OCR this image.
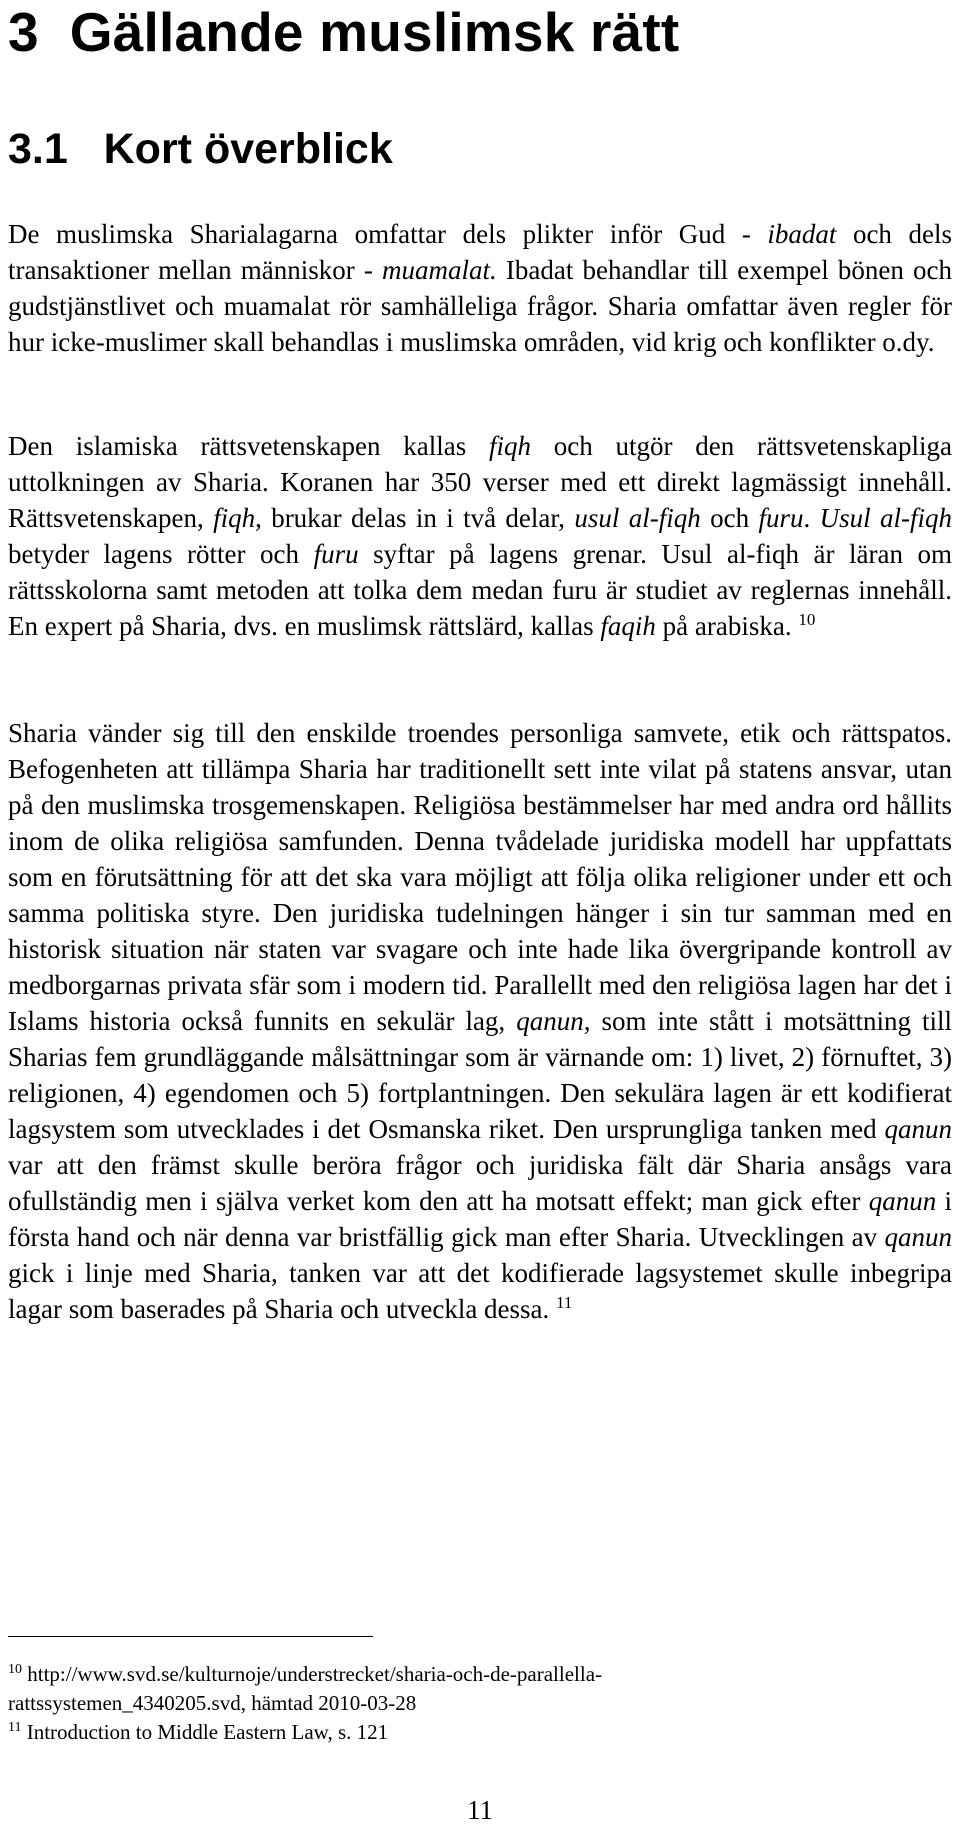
3 Gällande muslimsk rätt
3.1 Kort överblick

De muslimska Sharialagarna omfattar dels plikter inför Gud - ibadat och dels transaktioner mellan människor - muamalat. Ibadat behandlar till exempel bönen och gudstjänstlivet och muamalat rör samhälleliga frågor. Sharia omfattar även regler för hur icke-muslimer skall behandlas i muslimska områden, vid krig och konflikter o.dy.

Den islamiska rättsvetenskapen kallas fiqh och utgör den rättsvetenskapliga uttolkningen av Sharia. Koranen har 350 verser med ett direkt lagmässigt innehåll. Rättsvetenskapen, fiqh, brukar delas in i två delar, usul al-fiqh och furu. Usul al-fiqh betyder lagens rötter och furu syftar på lagens grenar. Usul al-fiqh är läran om rättsskolorna samt metoden att tolka dem medan furu är studiet av reglernas innehåll. En expert på Sharia, dvs. en muslimsk rättslärd, kallas faqih på arabiska. $^{10}$

Sharia vänder sig till den enskilde troendes personliga samvete, etik och rättspatos. Befogenheten att tillämpa Sharia har traditionellt sett inte vilat på statens ansvar, utan på den muslimska trosgemenskapen. Religiösa bestämmelser har med andra ord hållits inom de olika religiösa samfunden. Denna tvådelade juridiska modell har uppfattats som en förutsättning för att det ska vara möjligt att följa olika religioner under ett och samma politiska styre. Den juridiska tudelningen hänger i sin tur samman med en historisk situation när staten var svagare och inte hade lika övergripande kontroll av medborgarnas privata sfär som i modern tid. Parallellt med den religiösa lagen har det i Islams historia också funnits en sekulär lag, qanun, som inte stått i motsättning till Sharias fem grundläggande målsättningar som är värnande om: 1) livet, 2) förnuftet, 3) religionen, 4) egendomen och 5) fortplantningen. Den sekulära lagen är ett kodifierat lagsystem som utvecklades i det Osmanska riket. Den ursprungliga tanken med qanun var att den främst skulle beröra frågor och juridiska fält där Sharia ansågs vara ofullständig men i själva verket kom den att ha motsatt effekt; man gick efter qanun i första hand och när denna var bristfällig gick man efter Sharia. Utvecklingen av qanun gick i linje med Sharia, tanken var att det kodifierade lagsystemet skulle inbegripa lagar som baserades på Sharia och utveckla dessa. $^{11}$

$^{10}$ http://www.svd.se/kulturnoje/understrecket/sharia-och-de-parallella-
rattssystemen_4340205.svd, hämtad 2010-03-28

$^{11}$ Introduction to Middle Eastern Law, s. 121

11
